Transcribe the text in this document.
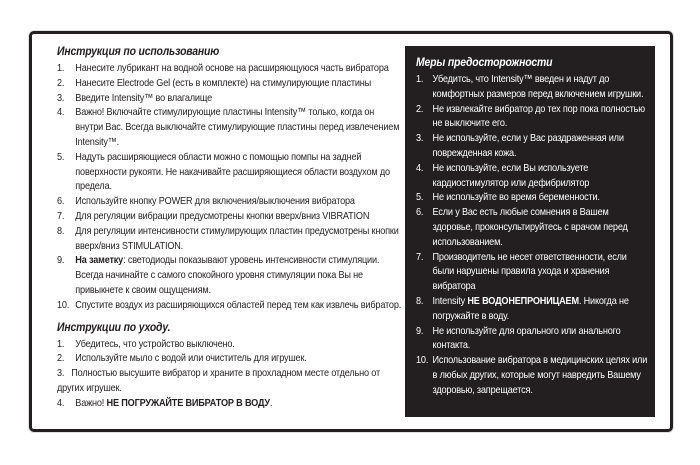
Инструкция по использованию
1. Нанесите лубрикант на водной основе на расширяющуюся часть вибратора
2. Нанесите Electrode Gel (есть в комплекте) на стимулирующие пластины
3. Введите Intensity™ во влагалище
4. Важно! Включайте стимулирующие пластины Intensity™ только, когда он внутри Вас. Всегда выключайте стимулирующие пластины перед извлечением Intensity™.
5. Надуть расширяющиеся области можно с помощью помпы на задней поверхности рукояти. Не накачивайте расширяющиеся области воздухом до предела.
6. Используйте кнопку POWER для включения/выключения вибратора
7. Для регуляции вибрации предусмотрены кнопки вверх/вниз VIBRATION
8. Для регуляции интенсивности стимулирующих пластин предусмотрены кнопки вверх/вниз STIMULATION.
9. На заметку: светодиоды показывают уровень интенсивности стимуляции. Всегда начинайте с самого спокойного уровня стимуляции пока Вы не привыкнете к своим ощущениям.
10. Спустите воздух из расширяющихся областей перед тем как извлечь вибратор.
Инструкции по уходу.
1. Убедитесь, что устройство выключено.
2. Используйте мыло с водой или очиститель для игрушек.
3. Полностью высушите вибратор и храните в прохладном месте отдельно от других игрушек.
4. Важно! НЕ ПОГРУЖАЙТЕ ВИБРАТОР В ВОДУ.
Меры предосторожности
1. Убедитсь, что Intensity™ введен и надут до комфортных размеров перед включением игрушки.
2. Не извлекайте вибратор до тех пор пока полностью не выключите его.
3. Не используйте, если у Вас раздраженная или поврежденная кожа.
4. Не используйте, если Вы используете кардиостимулятор или дефибрилятор
5. Не используйте во время беременности.
6. Если у Вас есть любые сомнения в Вашем здоровье, проконсультируйтесь с врачом перед использованием.
7. Производитель не несет ответственности, если были нарушены правила ухода и хранения вибратора
8. Intensity НЕ ВОДОНЕПРОНИЦАЕМ. Никогда не погружайте в воду.
9. Не используйте для орального или анального контакта.
10. Использование вибратора в медицинских целях или в любых других, которые могут навредить Вашему здоровью, запрещается.
